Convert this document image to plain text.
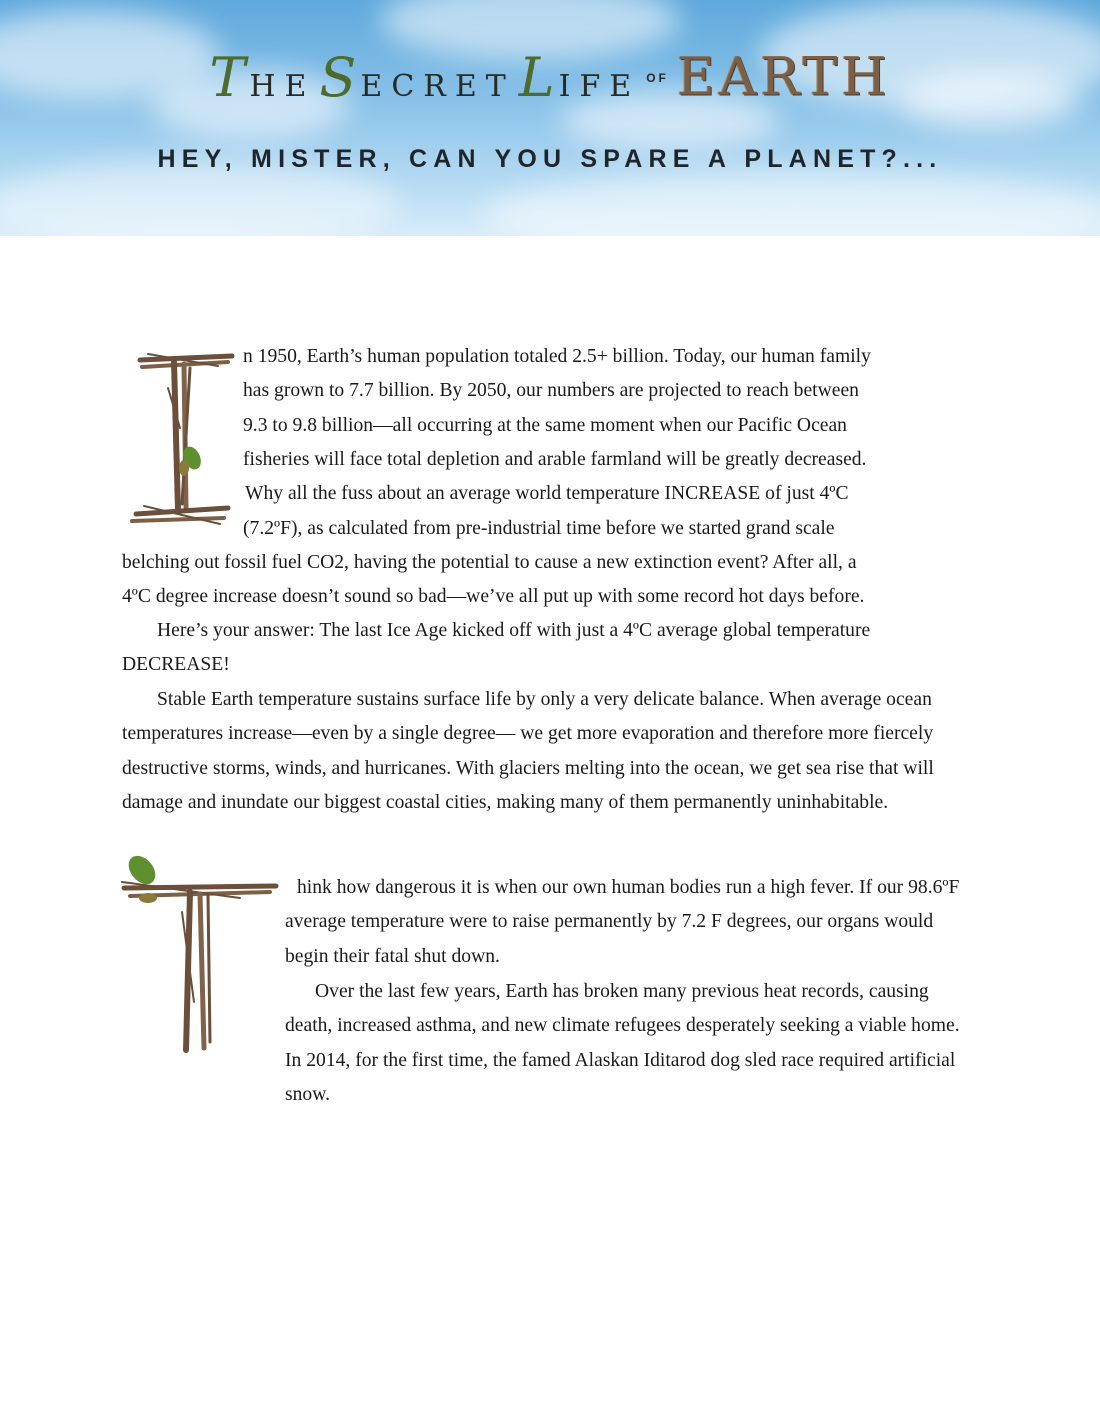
THE SECRET LIFE OF EARTH
HEY, MISTER, CAN YOU SPARE A PLANET?...

n 1950, Earth’s human population totaled 2.5+ billion. Today, our human family
has grown to 7.7 billion. By 2050, our numbers are projected to reach between
9.3 to 9.8 billion—all occurring at the same moment when our Pacific Ocean
fisheries will face total depletion and arable farmland will be greatly decreased.
Why all the fuss about an average world temperature INCREASE of just 4ºC
(7.2ºF), as calculated from pre-industrial time before we started grand scale
belching out fossil fuel CO2, having the potential to cause a new extinction event? After all, a
4ºC degree increase doesn’t sound so bad—we’ve all put up with some record hot days before.

Here’s your answer: The last Ice Age kicked off with just a 4ºC average global temperature DECREASE!

Stable Earth temperature sustains surface life by only a very delicate balance. When average ocean temperatures increase—even by a single degree— we get more evaporation and therefore more fiercely destructive storms, winds, and hurricanes. With glaciers melting into the ocean, we get sea rise that will damage and inundate our biggest coastal cities, making many of them permanently uninhabitable.

hink how dangerous it is when our own human bodies run a high fever. If our 98.6ºF average temperature were to raise permanently by 7.2 F degrees, our organs would begin their fatal shut down.

Over the last few years, Earth has broken many previous heat records, causing death, increased asthma, and new climate refugees desperately seeking a viable home. In 2014, for the first time, the famed Alaskan Iditarod dog sled race required artificial snow.
